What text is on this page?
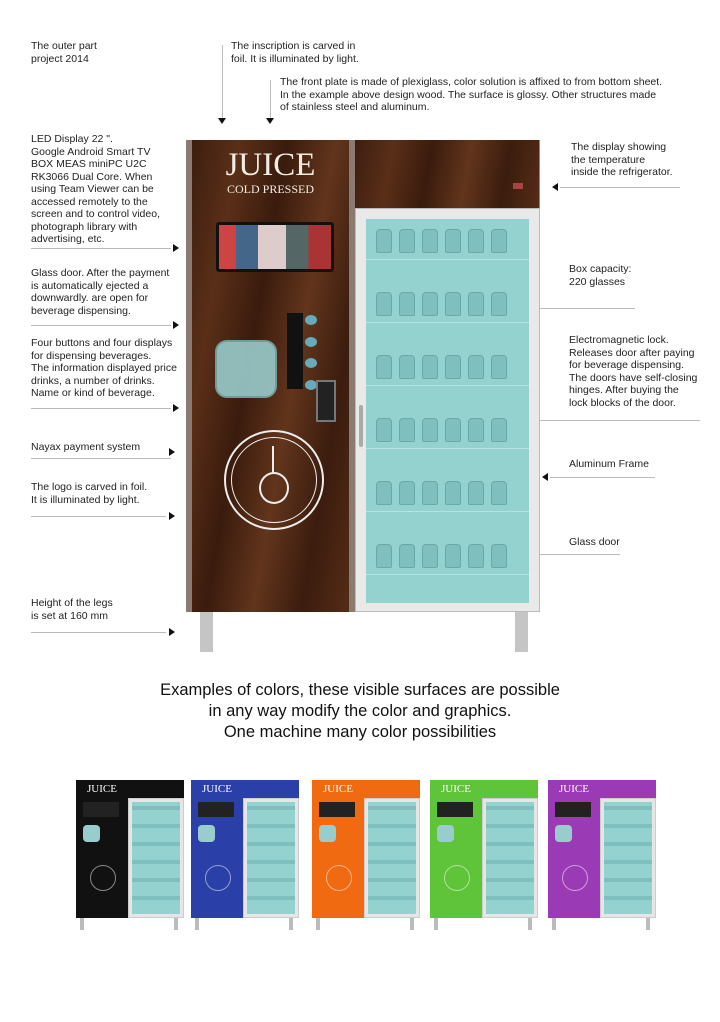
The outer part
project 2014
The inscription is carved in
foil. It is illuminated by light.
The front plate is made of plexiglass, color solution is affixed to from bottom sheet.
In the example above design wood. The surface is glossy. Other structures made
of stainless steel and aluminum.
LED Display 22 ".
Google Android Smart TV
BOX MEAS miniPC U2C
RK3066 Dual Core. When
using Team Viewer can be
accessed remotely to the
screen and to control video,
photograph library with
advertising, etc.
Glass door. After the payment
is automatically ejected a
downwardly. are open for
beverage dispensing.
Four buttons and four displays
for dispensing beverages.
The information displayed price
drinks, a number of drinks.
Name or kind of beverage.
Nayax payment system
The logo is carved in foil.
It is illuminated by light.
Height of the legs
is set at 160 mm
The display showing
the temperature
inside the refrigerator.
Box capacity:
220 glasses
Electromagnetic lock.
Releases door after paying
for beverage dispensing.
The doors have self-closing
hinges. After buying the
lock blocks of the door.
Aluminum Frame
Glass door
JUICE
COLD PRESSED
Examples of colors, these visible surfaces are possible
in any way modify the color and graphics.
One machine many color possibilities
JUICE	JUICE	JUICE	JUICE	JUICE
